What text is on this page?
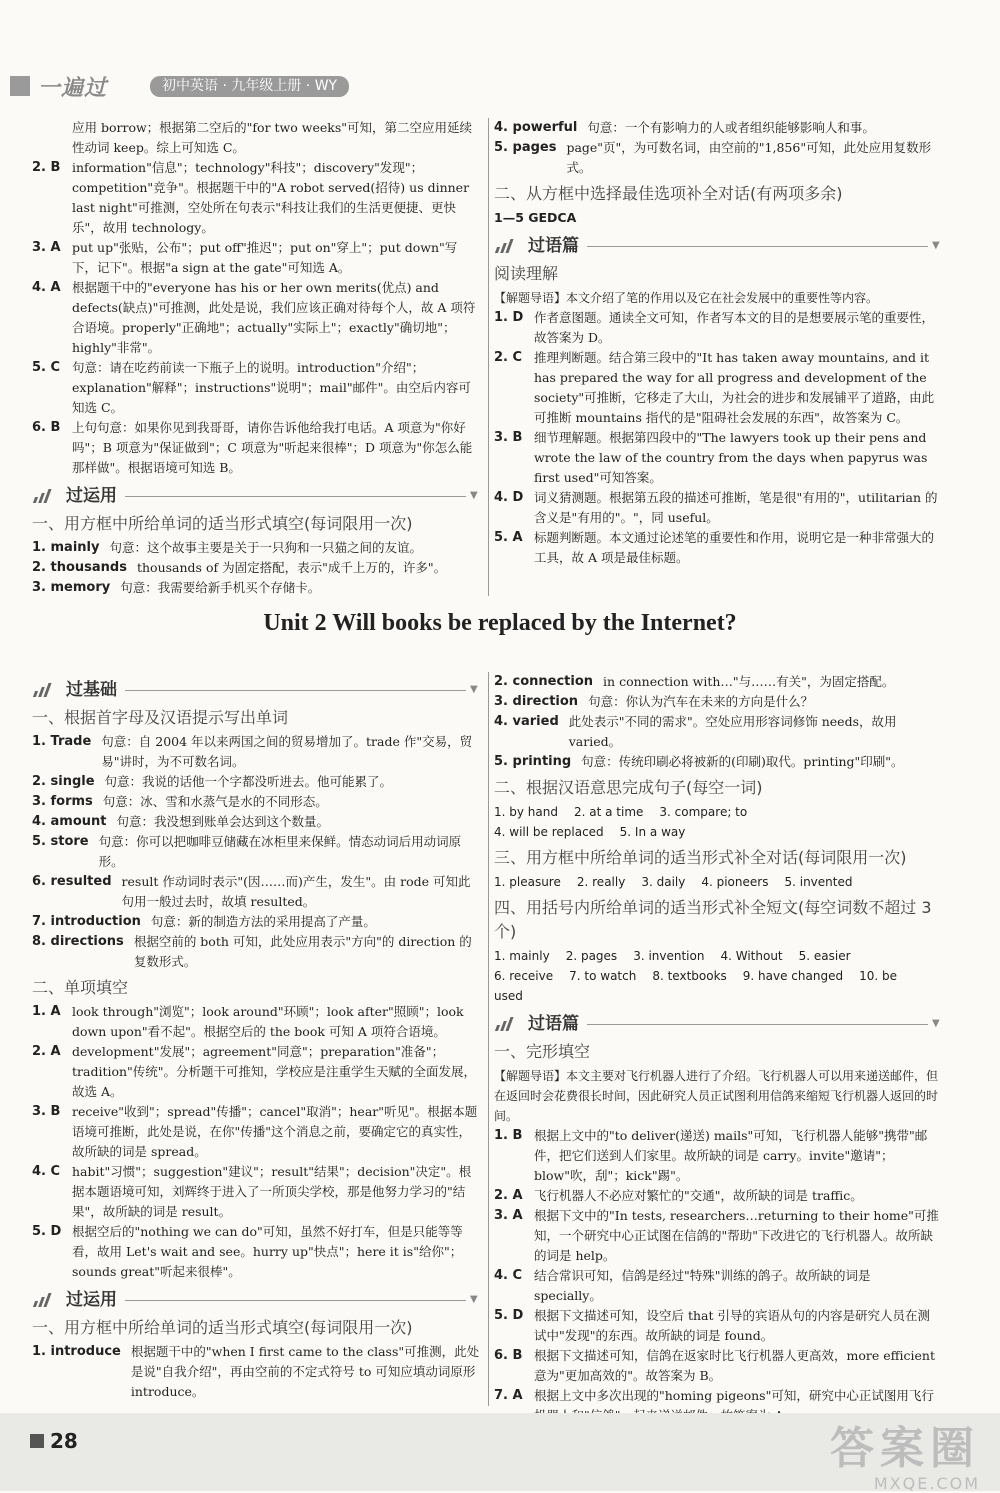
一遍过	初中英语 · 九年级上册 · WY
应用 borrow；根据第二空后的"for two weeks"可知，第二空应用延续性动词 keep。综上可知选 C。
2. B information"信息"；technology"科技"；discovery"发现"；competition"竞争"。根据题干中的"A robot served(招待) us dinner last night"可推测，空处所在句表示"科技让我们的生活更便捷、更快乐"，故用 technology。
3. A put up"张贴，公布"；put off"推迟"；put on"穿上"；put down"写下，记下"。根据"a sign at the gate"可知选 A。
4. A 根据题干中的"everyone has his or her own merits(优点) and defects(缺点)"可推测，此处是说，我们应该正确对待每个人，故 A 项符合语境。properly"正确地"；actually"实际上"；exactly"确切地"；highly"非常"。
5. C 句意：请在吃药前读一下瓶子上的说明。introduction"介绍"；explanation"解释"；instructions"说明"；mail"邮件"。由空后内容可知选 C。
6. B 上句句意：如果你见到我哥哥，请你告诉他给我打电话。A 项意为"你好吗"；B 项意为"保证做到"；C 项意为"听起来很棒"；D 项意为"你怎么能那样做"。根据语境可知选 B。
过运用	▼
一、用方框中所给单词的适当形式填空(每词限用一次)
1. mainly 句意：这个故事主要是关于一只狗和一只猫之间的友谊。
2. thousands thousands of 为固定搭配，表示"成千上万的，许多"。
3. memory 句意：我需要给新手机买个存储卡。
4. powerful 句意：一个有影响力的人或者组织能够影响人和事。
5. pages page"页"，为可数名词，由空前的"1,856"可知，此处应用复数形式。
二、从方框中选择最佳选项补全对话(有两项多余)
1—5 GEDCA
过语篇	▼
阅读理解
【解题导语】本文介绍了笔的作用以及它在社会发展中的重要性等内容。
1. D 作者意图题。通读全文可知，作者写本文的目的是想要展示笔的重要性，故答案为 D。
2. C 推理判断题。结合第三段中的"It has taken away mountains, and it has prepared the way for all progress and development of the society"可推断，它移走了大山，为社会的进步和发展铺平了道路，由此可推断 mountains 指代的是"阻碍社会发展的东西"，故答案为 C。
3. B 细节理解题。根据第四段中的"The lawyers took up their pens and wrote the law of the country from the days when papyrus was first used"可知答案。
4. D 词义猜测题。根据第五段的描述可推断，笔是很"有用的"，utilitarian 的含义是"有用的"。"，同 useful。
5. A 标题判断题。本文通过论述笔的重要性和作用，说明它是一种非常强大的工具，故 A 项是最佳标题。
Unit 2 Will books be replaced by the Internet?
过基础	▼
一、根据首字母及汉语提示写出单词
1. Trade 句意：自 2004 年以来两国之间的贸易增加了。trade 作"交易，贸易"讲时，为不可数名词。
2. single 句意：我说的话他一个字都没听进去。他可能累了。
3. forms 句意：冰、雪和水蒸气是水的不同形态。
4. amount 句意：我没想到账单会达到这个数量。
5. store 句意：你可以把咖啡豆储藏在冰柜里来保鲜。情态动词后用动词原形。
6. resulted result 作动词时表示"(因……而)产生，发生"。由 rode 可知此句用一般过去时，故填 resulted。
7. introduction 句意：新的制造方法的采用提高了产量。
8. directions 根据空前的 both 可知，此处应用表示"方向"的 direction 的复数形式。
二、单项填空
1. A look through"浏览"；look around"环顾"；look after"照顾"；look down upon"看不起"。根据空后的 the book 可知 A 项符合语境。
2. A development"发展"；agreement"同意"；preparation"准备"；tradition"传统"。分析题干可推知，学校应是注重学生天赋的全面发展，故选 A。
3. B receive"收到"；spread"传播"；cancel"取消"；hear"听见"。根据本题语境可推断，此处是说，在你"传播"这个消息之前，要确定它的真实性，故所缺的词是 spread。
4. C habit"习惯"；suggestion"建议"；result"结果"；decision"决定"。根据本题语境可知，刘辉终于进入了一所顶尖学校，那是他努力学习的"结果"，故所缺的词是 result。
5. D 根据空后的"nothing we can do"可知，虽然不好打车，但是只能等等看，故用 Let's wait and see。hurry up"快点"；here it is"给你"；sounds great"听起来很棒"。
过运用	▼
一、用方框中所给单词的适当形式填空(每词限用一次)
1. introduce 根据题干中的"when I first came to the class"可推测，此处是说"自我介绍"，再由空前的不定式符号 to 可知应填动词原形 introduce。
2. connection in connection with…"与……有关"，为固定搭配。
3. direction 句意：你认为汽车在未来的方向是什么？
4. varied 此处表示"不同的需求"。空处应用形容词修饰 needs，故用 varied。
5. printing 句意：传统印刷必将被新的(印刷)取代。printing"印刷"。
二、根据汉语意思完成句子(每空一词)
1. by hand 2. at a time 3. compare; to
4. will be replaced 5. In a way
三、用方框中所给单词的适当形式补全对话(每词限用一次)
1. pleasure 2. really 3. daily 4. pioneers 5. invented
四、用括号内所给单词的适当形式补全短文(每空词数不超过 3 个)
1. mainly 2. pages 3. invention 4. Without 5. easier
6. receive 7. to watch 8. textbooks 9. have changed 10. be used
过语篇	▼
一、完形填空
【解题导语】本文主要对飞行机器人进行了介绍。飞行机器人可以用来递送邮件，但在返回时会花费很长时间，因此研究人员正试图利用信鸽来缩短飞行机器人返回的时间。
1. B 根据上文中的"to deliver(递送) mails"可知，飞行机器人能够"携带"邮件，把它们送到人们家里。故所缺的词是 carry。invite"邀请"；blow"吹，刮"；kick"踢"。
2. A 飞行机器人不必应对繁忙的"交通"，故所缺的词是 traffic。
3. A 根据下文中的"In tests, researchers…returning to their home"可推知，一个研究中心正试图在信鸽的"帮助"下改进它的飞行机器人。故所缺的词是 help。
4. C 结合常识可知，信鸽是经过"特殊"训练的鸽子。故所缺的词是 specially。
5. D 根据下文描述可知，设空后 that 引导的宾语从句的内容是研究人员在测试中"发现"的东西。故所缺的词是 found。
6. B 根据下文描述可知，信鸽在返家时比飞行机器人更高效，more efficient 意为"更加高效的"。故答案为 B。
7. A 根据上文中多次出现的"homing pigeons"可知，研究中心正试图用飞行
28	答案圈
MXQE.COM
